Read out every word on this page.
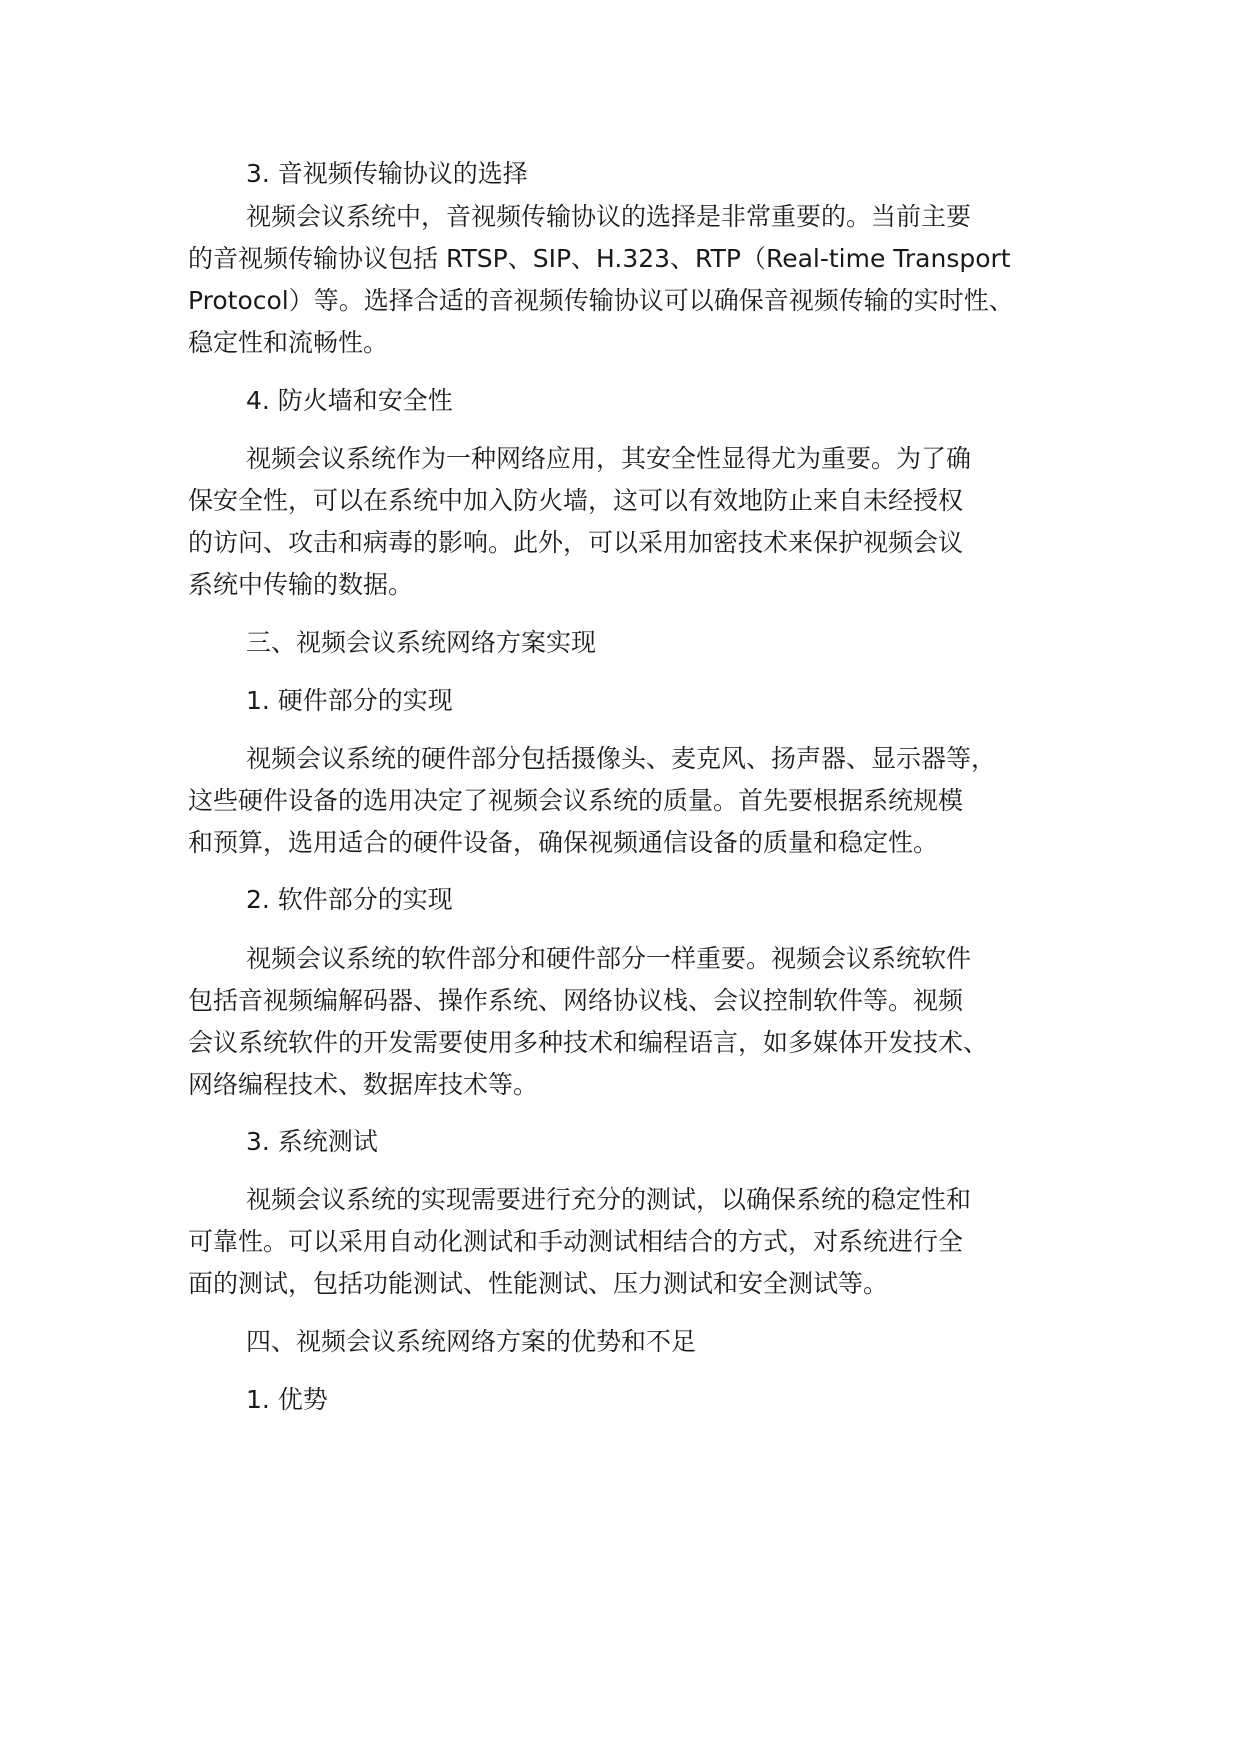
3. 音视频传输协议的选择

视频会议系统中，音视频传输协议的选择是非常重要的。当前主要

的音视频传输协议包括 RTSP、SIP、H.323、RTP（Real-time Transport

Protocol）等。选择合适的音视频传输协议可以确保音视频传输的实时性、

稳定性和流畅性。

4. 防火墙和安全性

视频会议系统作为一种网络应用，其安全性显得尤为重要。为了确

保安全性，可以在系统中加入防火墙，这可以有效地防止来自未经授权

的访问、攻击和病毒的影响。此外，可以采用加密技术来保护视频会议

系统中传输的数据。

三、视频会议系统网络方案实现

1. 硬件部分的实现

视频会议系统的硬件部分包括摄像头、麦克风、扬声器、显示器等，

这些硬件设备的选用决定了视频会议系统的质量。首先要根据系统规模

和预算，选用适合的硬件设备，确保视频通信设备的质量和稳定性。

2. 软件部分的实现

视频会议系统的软件部分和硬件部分一样重要。视频会议系统软件

包括音视频编解码器、操作系统、网络协议栈、会议控制软件等。视频

会议系统软件的开发需要使用多种技术和编程语言，如多媒体开发技术、

网络编程技术、数据库技术等。

3. 系统测试

视频会议系统的实现需要进行充分的测试，以确保系统的稳定性和

可靠性。可以采用自动化测试和手动测试相结合的方式，对系统进行全

面的测试，包括功能测试、性能测试、压力测试和安全测试等。

四、视频会议系统网络方案的优势和不足

1. 优势
